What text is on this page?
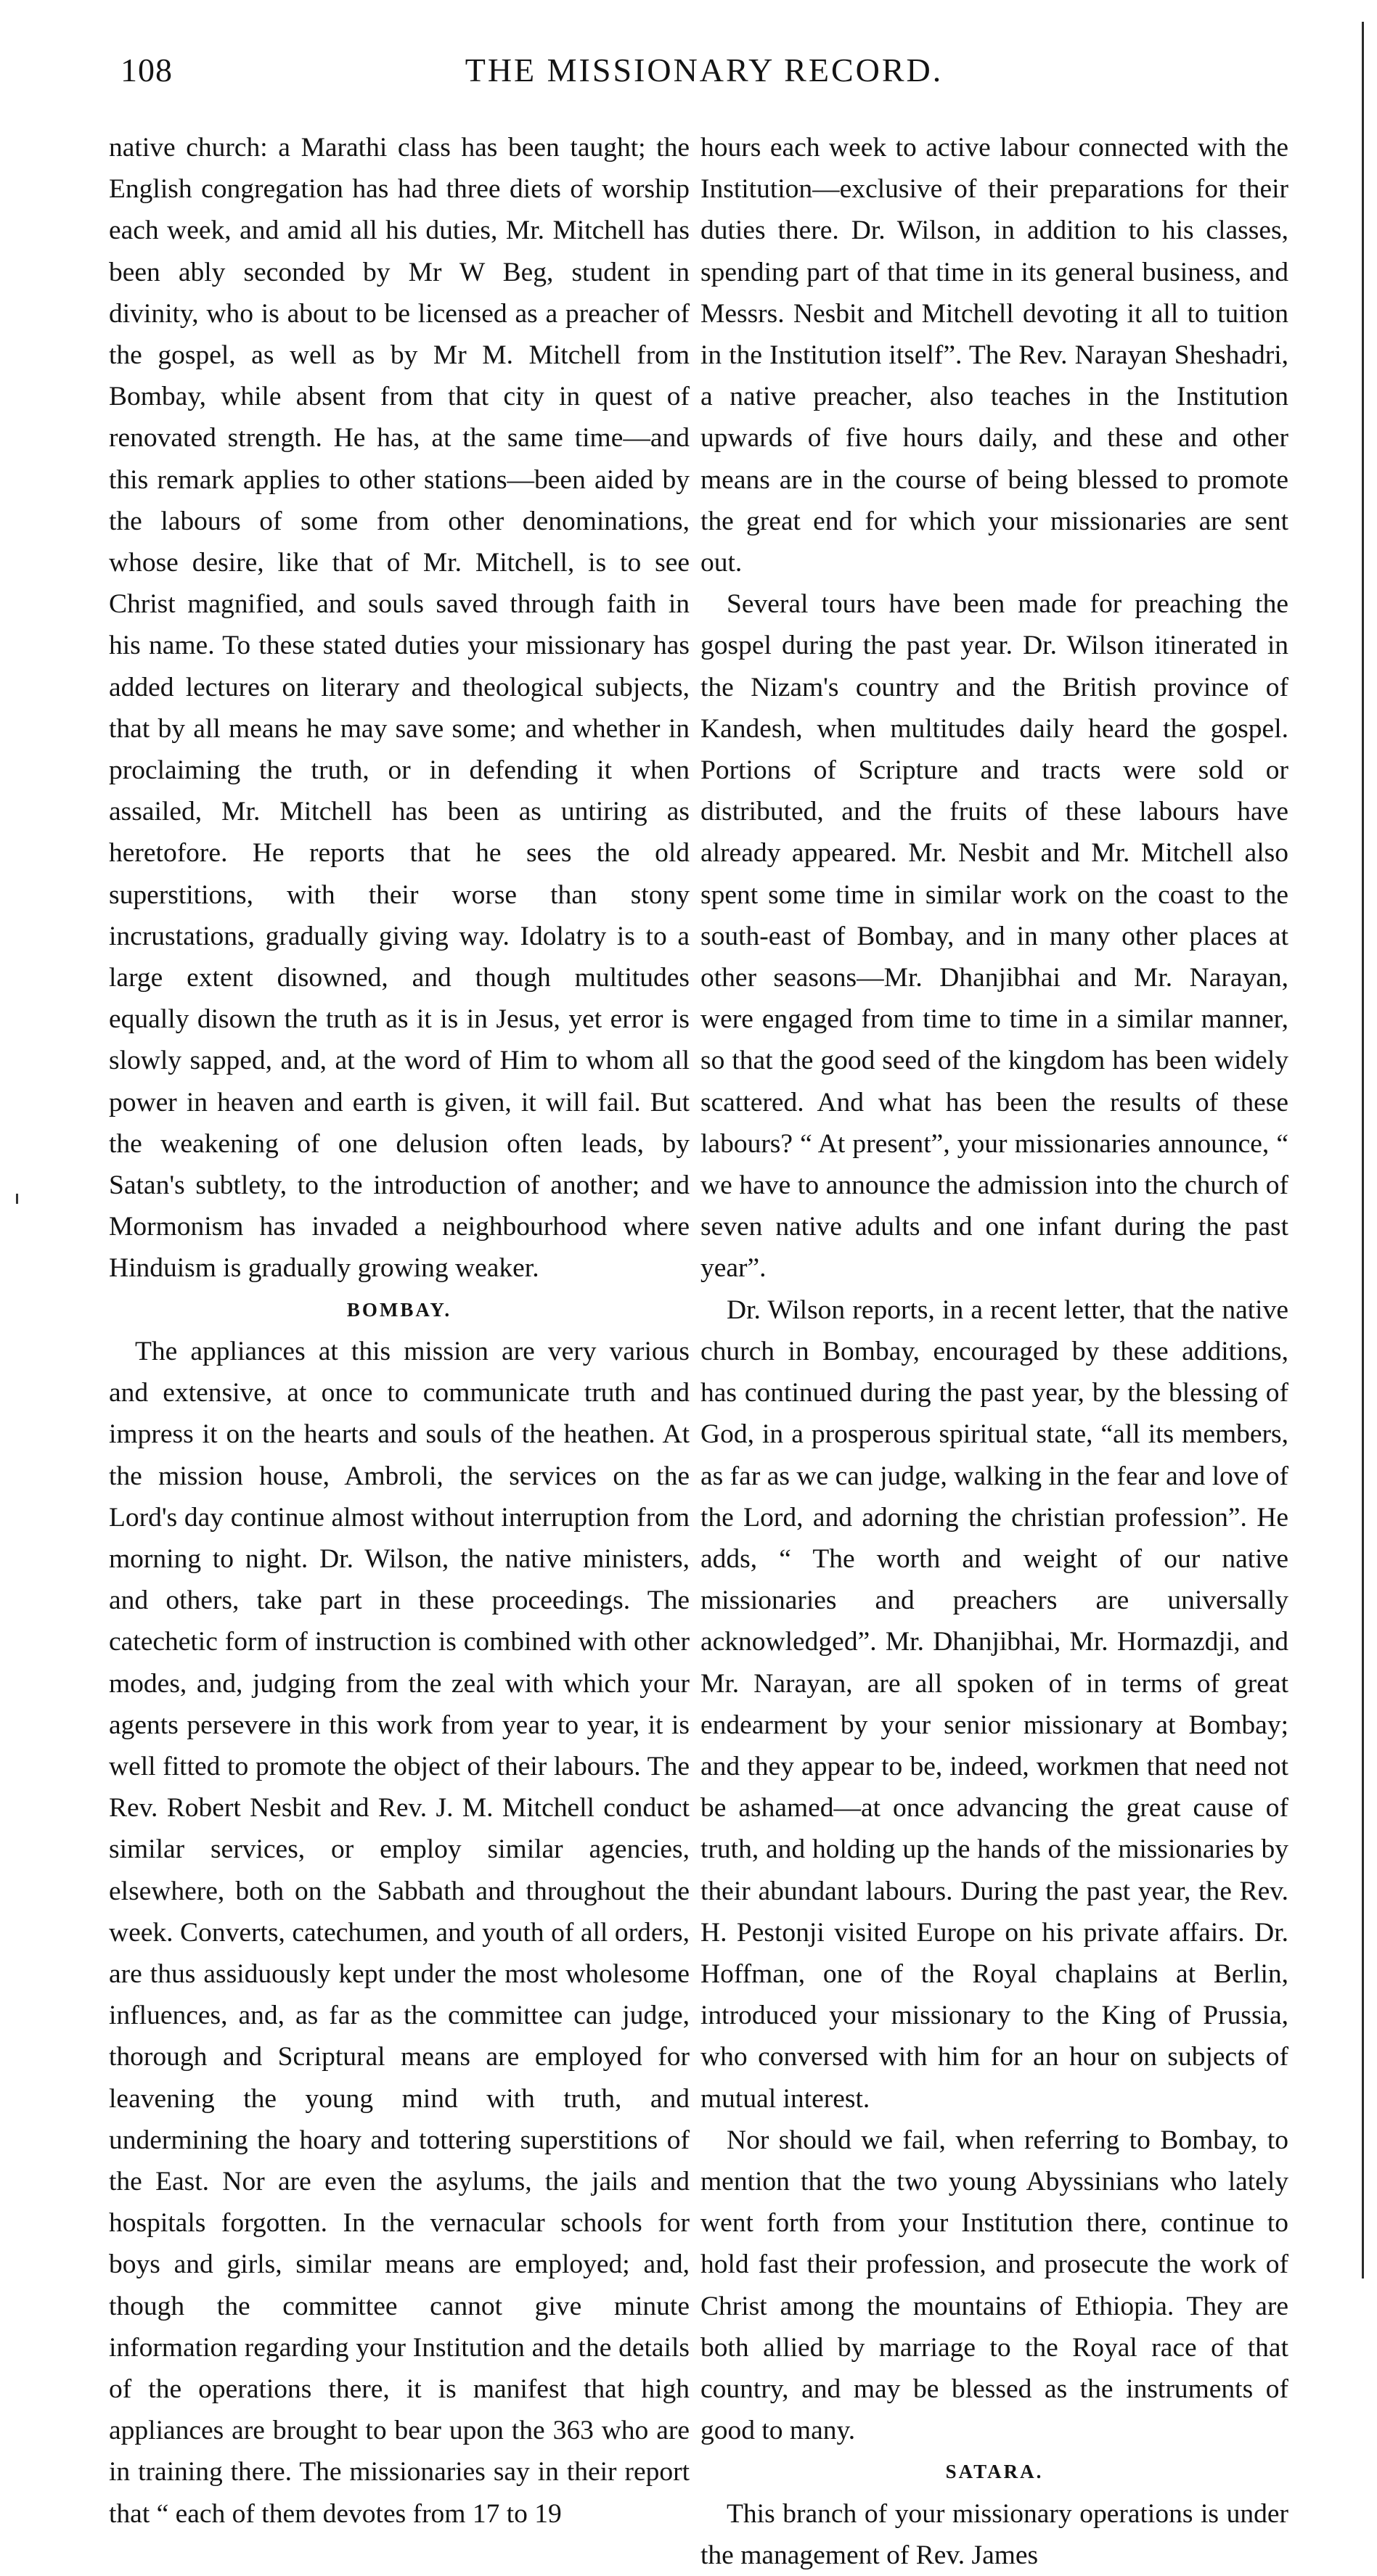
108	THE MISSIONARY RECORD.

native church: a Marathi class has been taught; the English congregation has had three diets of worship each week, and amid all his duties, Mr. Mitchell has been ably seconded by Mr W Beg, student in divinity, who is about to be licensed as a preacher of the gospel, as well as by Mr M. Mitchell from Bombay, while absent from that city in quest of renovated strength. He has, at the same time—and this remark applies to other stations—been aided by the labours of some from other denominations, whose desire, like that of Mr. Mitchell, is to see Christ magnified, and souls saved through faith in his name. To these stated duties your missionary has added lectures on literary and theological subjects, that by all means he may save some; and whether in proclaiming the truth, or in defending it when assailed, Mr. Mitchell has been as untiring as heretofore. He reports that he sees the old superstitions, with their worse than stony incrustations, gradually giving way. Idolatry is to a large extent disowned, and though multitudes equally disown the truth as it is in Jesus, yet error is slowly sapped, and, at the word of Him to whom all power in heaven and earth is given, it will fail. But the weakening of one delusion often leads, by Satan's subtlety, to the introduction of another; and Mormonism has invaded a neighbourhood where Hinduism is gradually growing weaker.

BOMBAY.

The appliances at this mission are very various and extensive, at once to communicate truth and impress it on the hearts and souls of the heathen. At the mission house, Ambroli, the services on the Lord's day continue almost without interruption from morning to night. Dr. Wilson, the native ministers, and others, take part in these proceedings. The catechetic form of instruction is combined with other modes, and, judging from the zeal with which your agents persevere in this work from year to year, it is well fitted to promote the object of their labours. The Rev. Robert Nesbit and Rev. J. M. Mitchell conduct similar services, or employ similar agencies, elsewhere, both on the Sabbath and throughout the week. Converts, catechumen, and youth of all orders, are thus assiduously kept under the most wholesome influences, and, as far as the committee can judge, thorough and Scriptural means are employed for leavening the young mind with truth, and undermining the hoary and tottering superstitions of the East. Nor are even the asylums, the jails and hospitals forgotten. In the vernacular schools for boys and girls, similar means are employed; and, though the committee cannot give minute information regarding your Institution and the details of the operations there, it is manifest that high appliances are brought to bear upon the 363 who are in training there. The missionaries say in their report that “ each of them devotes from 17 to 19

hours each week to active labour connected with the Institution—exclusive of their preparations for their duties there. Dr. Wilson, in addition to his classes, spending part of that time in its general business, and Messrs. Nesbit and Mitchell devoting it all to tuition in the Institution itself”. The Rev. Narayan Sheshadri, a native preacher, also teaches in the Institution upwards of five hours daily, and these and other means are in the course of being blessed to promote the great end for which your missionaries are sent out.

Several tours have been made for preaching the gospel during the past year. Dr. Wilson itinerated in the Nizam's country and the British province of Kandesh, when multitudes daily heard the gospel. Portions of Scripture and tracts were sold or distributed, and the fruits of these labours have already appeared. Mr. Nesbit and Mr. Mitchell also spent some time in similar work on the coast to the south-east of Bombay, and in many other places at other seasons—Mr. Dhanjibhai and Mr. Narayan, were engaged from time to time in a similar manner, so that the good seed of the kingdom has been widely scattered. And what has been the results of these labours? “ At present”, your missionaries announce, “ we have to announce the admission into the church of seven native adults and one infant during the past year”.

Dr. Wilson reports, in a recent letter, that the native church in Bombay, encouraged by these additions, has continued during the past year, by the blessing of God, in a prosperous spiritual state, “all its members, as far as we can judge, walking in the fear and love of the Lord, and adorning the christian profession”. He adds, “ The worth and weight of our native missionaries and preachers are universally acknowledged”. Mr. Dhanjibhai, Mr. Hormazdji, and Mr. Narayan, are all spoken of in terms of great endearment by your senior missionary at Bombay; and they appear to be, indeed, workmen that need not be ashamed—at once advancing the great cause of truth, and holding up the hands of the missionaries by their abundant labours. During the past year, the Rev. H. Pestonji visited Europe on his private affairs. Dr. Hoffman, one of the Royal chaplains at Berlin, introduced your missionary to the King of Prussia, who conversed with him for an hour on subjects of mutual interest.

Nor should we fail, when referring to Bombay, to mention that the two young Abyssinians who lately went forth from your Institution there, continue to hold fast their profession, and prosecute the work of Christ among the mountains of Ethiopia. They are both allied by marriage to the Royal race of that country, and may be blessed as the instruments of good to many.

SATARA.

This branch of your missionary operations is under the management of Rev. James
